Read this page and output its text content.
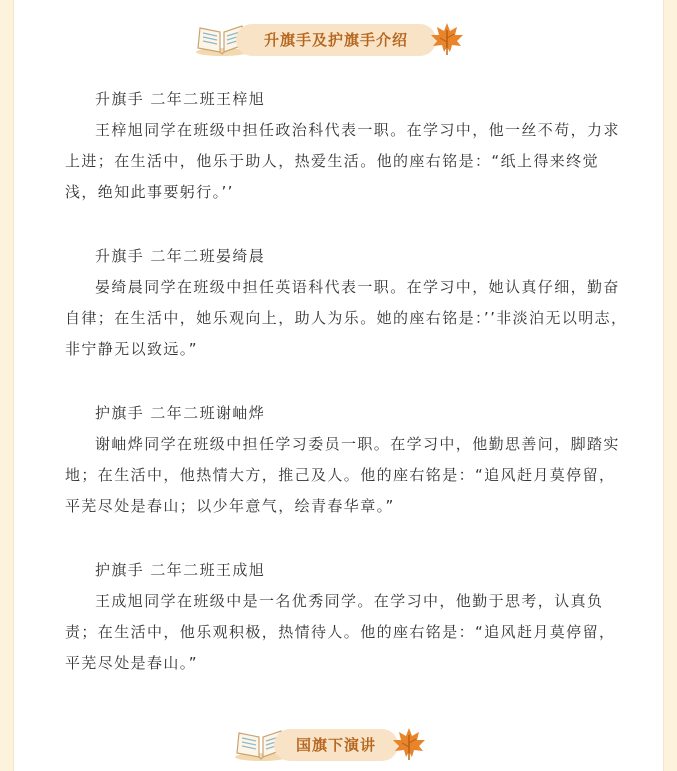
升旗手及护旗手介绍

升旗手 二年二班王梓旭

王梓旭同学在班级中担任政治科代表一职。在学习中，他一丝不苟，力求上进；在生活中，他乐于助人，热爱生活。他的座右铭是：“纸上得来终觉浅，绝知此事要躬行。’’

升旗手 二年二班晏绮晨

晏绮晨同学在班级中担任英语科代表一职。在学习中，她认真仔细，勤奋自律；在生活中，她乐观向上，助人为乐。她的座右铭是：’’非淡泊无以明志，非宁静无以致远。”

护旗手 二年二班谢岫烨

谢岫烨同学在班级中担任学习委员一职。在学习中，他勤思善问，脚踏实地；在生活中，他热情大方，推己及人。他的座右铭是：“追风赶月莫停留，平芜尽处是春山；以少年意气，绘青春华章。”

护旗手 二年二班王成旭

王成旭同学在班级中是一名优秀同学。在学习中，他勤于思考，认真负责；在生活中，他乐观积极，热情待人。他的座右铭是：“追风赶月莫停留，平芜尽处是春山。”

国旗下演讲
